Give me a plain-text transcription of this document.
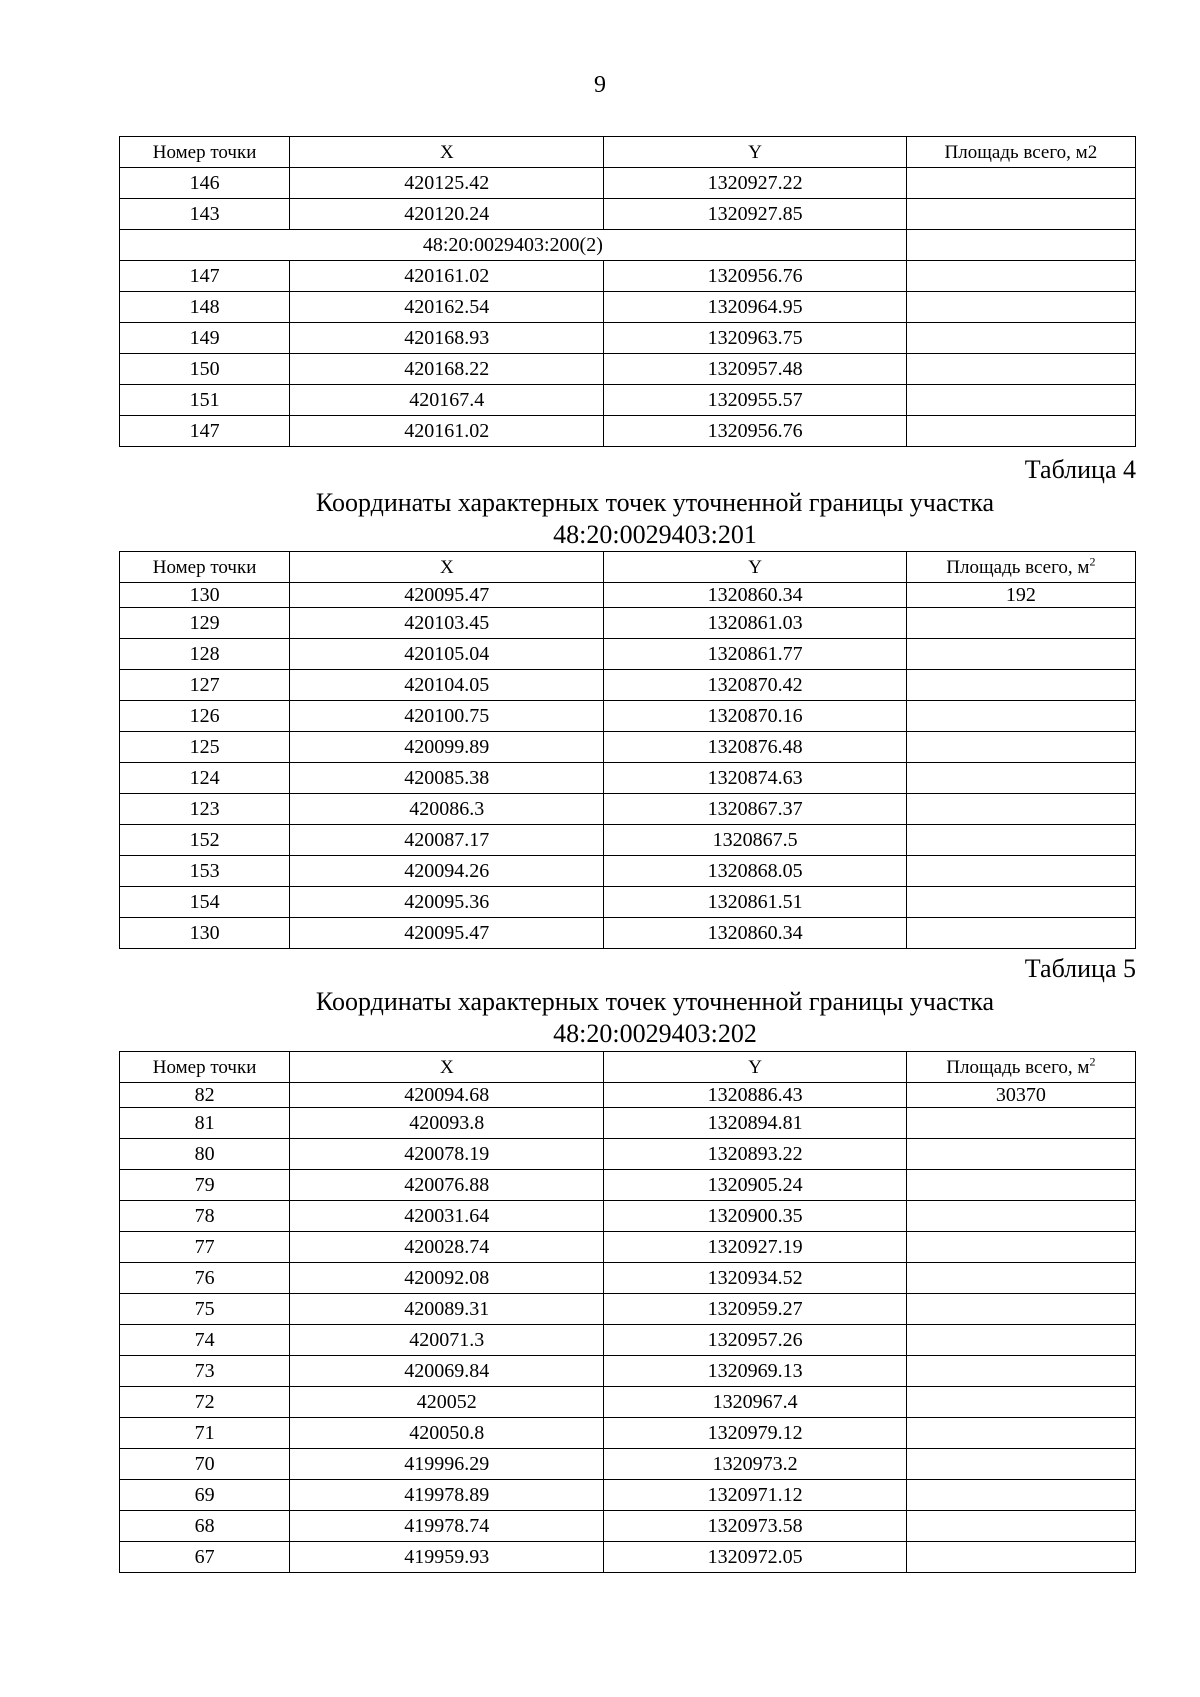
9
Номер точки	X	Y	Площадь всего, м2
146	420125.42	1320927.22	
143	420120.24	1320927.85	
48:20:0029403:200(2)			
147	420161.02	1320956.76	
148	420162.54	1320964.95	
149	420168.93	1320963.75	
150	420168.22	1320957.48	
151	420167.4	1320955.57	
147	420161.02	1320956.76	
Таблица 4
Координаты характерных точек уточненной границы участка
48:20:0029403:201
Номер точки	X	Y	Площадь всего, $м^2$
130	420095.47	1320860.34	192
129	420103.45	1320861.03	
128	420105.04	1320861.77	
127	420104.05	1320870.42	
126	420100.75	1320870.16	
125	420099.89	1320876.48	
124	420085.38	1320874.63	
123	420086.3	1320867.37	
152	420087.17	1320867.5	
153	420094.26	1320868.05	
154	420095.36	1320861.51	
130	420095.47	1320860.34	
Таблица 5
Координаты характерных точек уточненной границы участка
48:20:0029403:202
Номер точки	X	Y	Площадь всего, $м^2$
82	420094.68	1320886.43	30370
81	420093.8	1320894.81	
80	420078.19	1320893.22	
79	420076.88	1320905.24	
78	420031.64	1320900.35	
77	420028.74	1320927.19	
76	420092.08	1320934.52	
75	420089.31	1320959.27	
74	420071.3	1320957.26	
73	420069.84	1320969.13	
72	420052	1320967.4	
71	420050.8	1320979.12	
70	419996.29	1320973.2	
69	419978.89	1320971.12	
68	419978.74	1320973.58	
67	419959.93	1320972.05	
